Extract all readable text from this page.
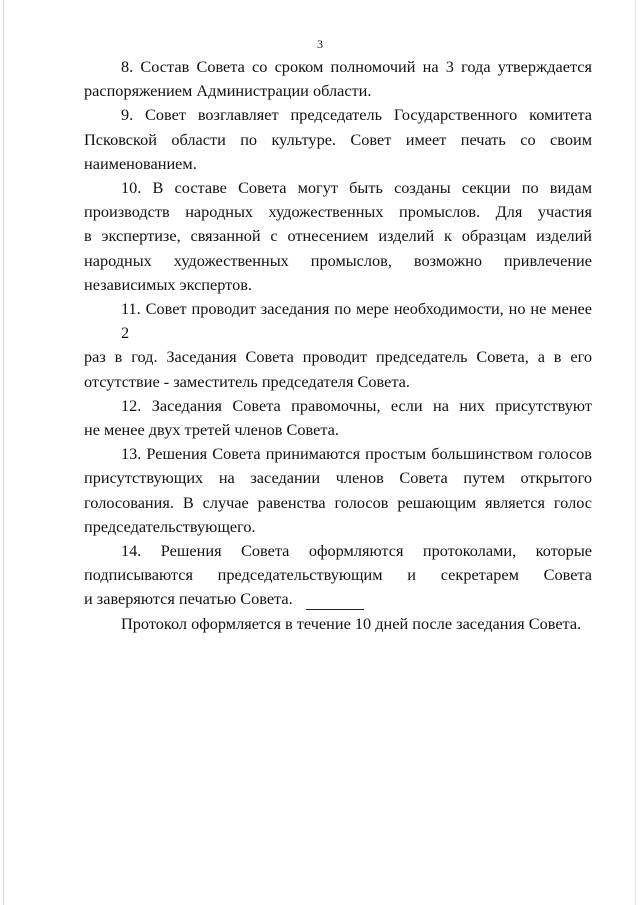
3

8. Состав Совета со сроком полномочий на 3 года утверждается
распоряжением Администрации области.

9. Совет возглавляет председатель Государственного комитета
Псковской области по культуре. Совет имеет печать со своим
наименованием.

10. В составе Совета могут быть созданы секции по видам
производств народных художественных промыслов. Для участия
в экспертизе, связанной с отнесением изделий к образцам изделий
народных художественных промыслов, возможно привлечение
независимых экспертов.

11. Совет проводит заседания по мере необходимости, но не менее 2
раз в год. Заседания Совета проводит председатель Совета, а в его
отсутствие - заместитель председателя Совета.

12. Заседания Совета правомочны, если на них присутствуют
не менее двух третей членов Совета.

13. Решения Совета принимаются простым большинством голосов
присутствующих на заседании членов Совета путем открытого
голосования. В случае равенства голосов решающим является голос
председательствующего.

14. Решения Совета оформляются протоколами, которые
подписываются председательствующим и секретарем Совета
и заверяются печатью Совета.

Протокол оформляется в течение 10 дней после заседания Совета.
